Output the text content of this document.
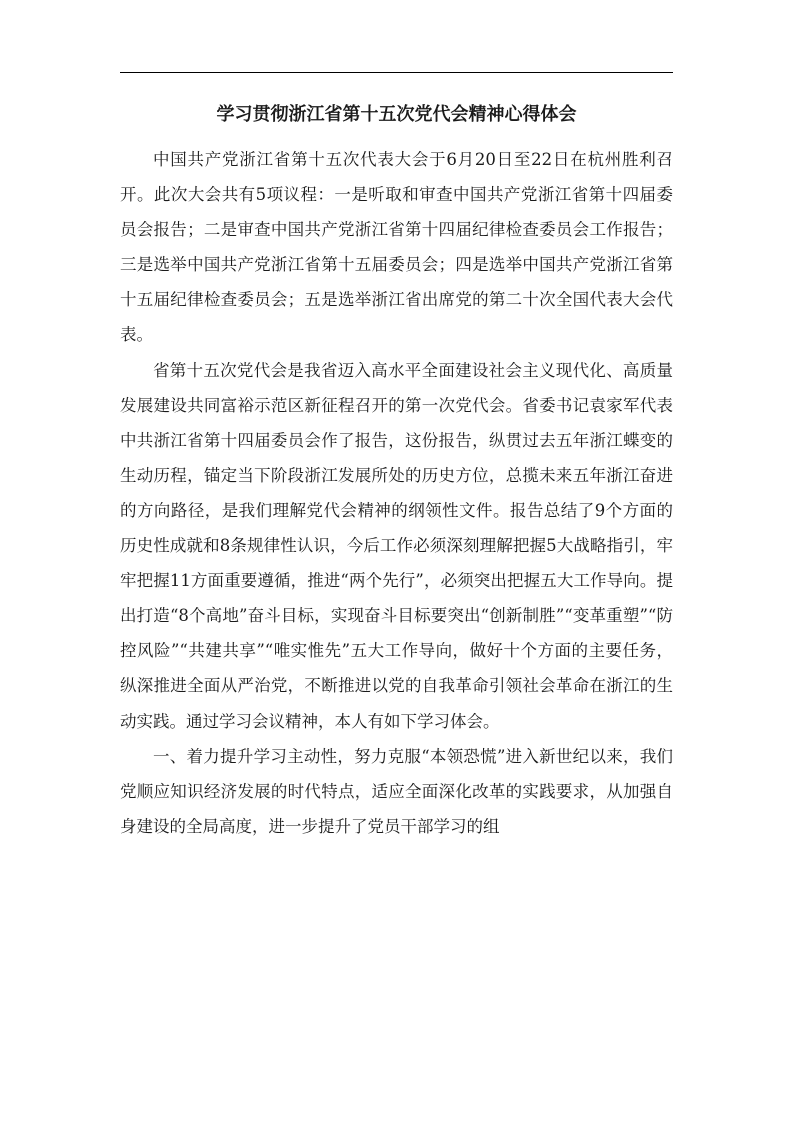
学习贯彻浙江省第十五次党代会精神心得体会

中国共产党浙江省第十五次代表大会于6月20日至22日在杭州胜利召开。此次大会共有5项议程：一是听取和审查中国共产党浙江省第十四届委员会报告；二是审查中国共产党浙江省第十四届纪律检查委员会工作报告；三是选举中国共产党浙江省第十五届委员会；四是选举中国共产党浙江省第十五届纪律检查委员会；五是选举浙江省出席党的第二十次全国代表大会代表。

省第十五次党代会是我省迈入高水平全面建设社会主义现代化、高质量发展建设共同富裕示范区新征程召开的第一次党代会。省委书记袁家军代表中共浙江省第十四届委员会作了报告，这份报告，纵贯过去五年浙江蝶变的生动历程，锚定当下阶段浙江发展所处的历史方位，总揽未来五年浙江奋进的方向路径，是我们理解党代会精神的纲领性文件。报告总结了9个方面的历史性成就和8条规律性认识，今后工作必须深刻理解把握5大战略指引，牢牢把握11方面重要遵循，推进“两个先行”，必须突出把握五大工作导向。提出打造“8个高地”奋斗目标，实现奋斗目标要突出“创新制胜”“变革重塑”“防控风险”“共建共享”“唯实惟先”五大工作导向，做好十个方面的主要任务，纵深推进全面从严治党，不断推进以党的自我革命引领社会革命在浙江的生动实践。通过学习会议精神，本人有如下学习体会。

一、着力提升学习主动性，努力克服“本领恐慌”进入新世纪以来，我们党顺应知识经济发展的时代特点，适应全面深化改革的实践要求，从加强自身建设的全局高度，进一步提升了党员干部学习的组
